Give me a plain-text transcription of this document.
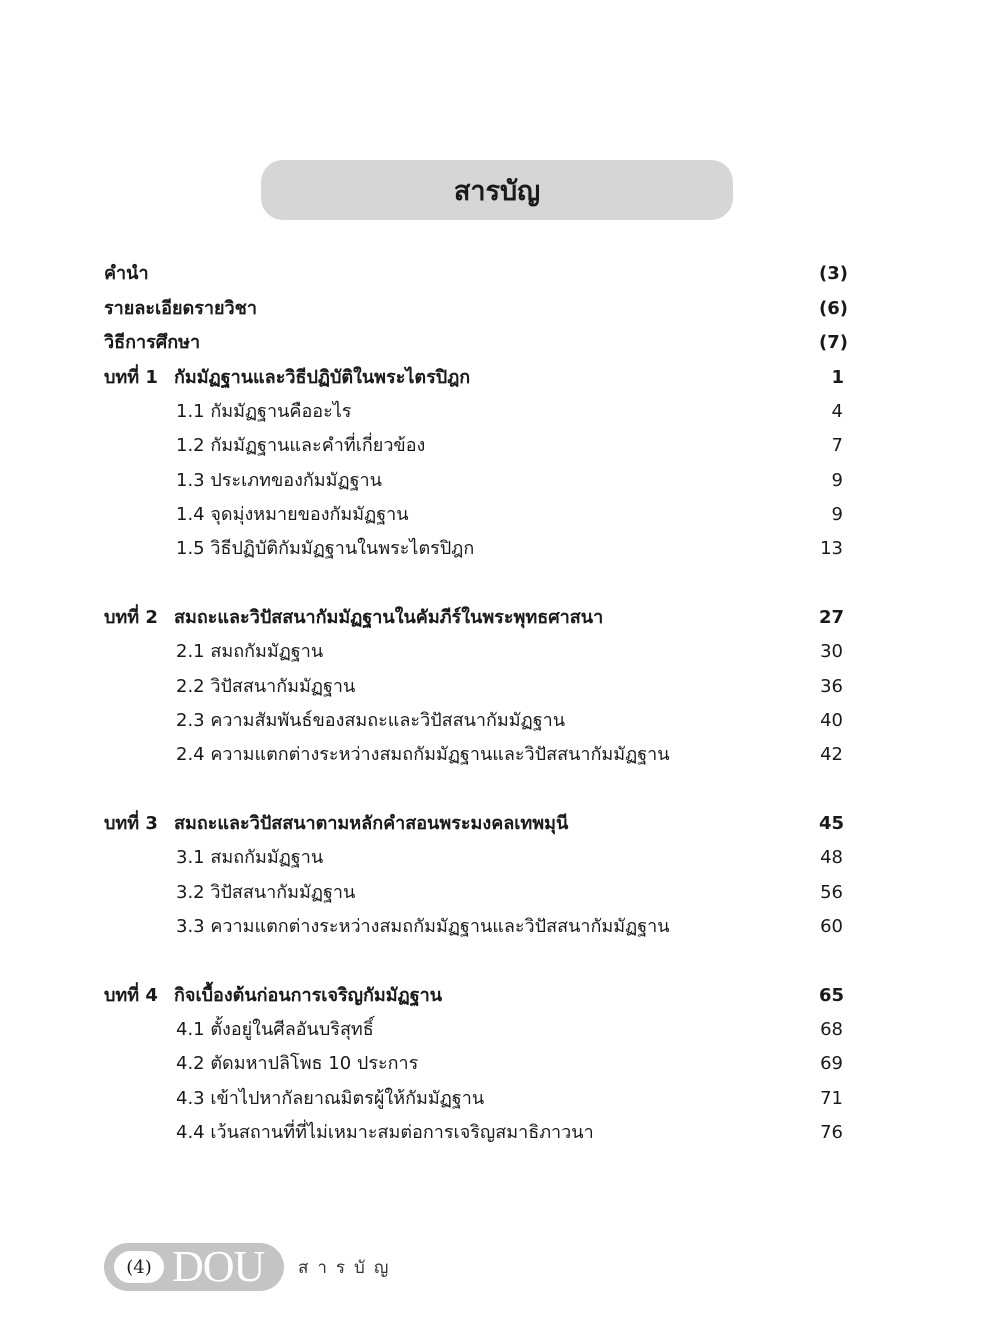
สารบัญ
คำนำ	(3)
รายละเอียดรายวิชา	(6)
วิธีการศึกษา	(7)
บทที่ 1 กัมมัฏฐานและวิธีปฏิบัติในพระไตรปิฎก	1
1.1 กัมมัฏฐานคืออะไร	4
1.2 กัมมัฏฐานและคำที่เกี่ยวข้อง	7
1.3 ประเภทของกัมมัฏฐาน	9
1.4 จุดมุ่งหมายของกัมมัฏฐาน	9
1.5 วิธีปฏิบัติกัมมัฏฐานในพระไตรปิฎก	13
บทที่ 2 สมถะและวิปัสสนากัมมัฏฐานในคัมภีร์ในพระพุทธศาสนา	27
2.1 สมถกัมมัฏฐาน	30
2.2 วิปัสสนากัมมัฏฐาน	36
2.3 ความสัมพันธ์ของสมถะและวิปัสสนากัมมัฏฐาน	40
2.4 ความแตกต่างระหว่างสมถกัมมัฏฐานและวิปัสสนากัมมัฏฐาน	42
บทที่ 3 สมถะและวิปัสสนาตามหลักคำสอนพระมงคลเทพมุนี	45
3.1 สมถกัมมัฏฐาน	48
3.2 วิปัสสนากัมมัฏฐาน	56
3.3 ความแตกต่างระหว่างสมถกัมมัฏฐานและวิปัสสนากัมมัฏฐาน	60
บทที่ 4 กิจเบื้องต้นก่อนการเจริญกัมมัฏฐาน	65
4.1 ตั้งอยู่ในศีลอันบริสุทธิ์	68
4.2 ตัดมหาปลิโพธ 10 ประการ	69
4.3 เข้าไปหากัลยาณมิตรผู้ให้กัมมัฏฐาน	71
4.4 เว้นสถานที่ที่ไม่เหมาะสมต่อการเจริญสมาธิภาวนา	76
(4) DOU สารบัญ
